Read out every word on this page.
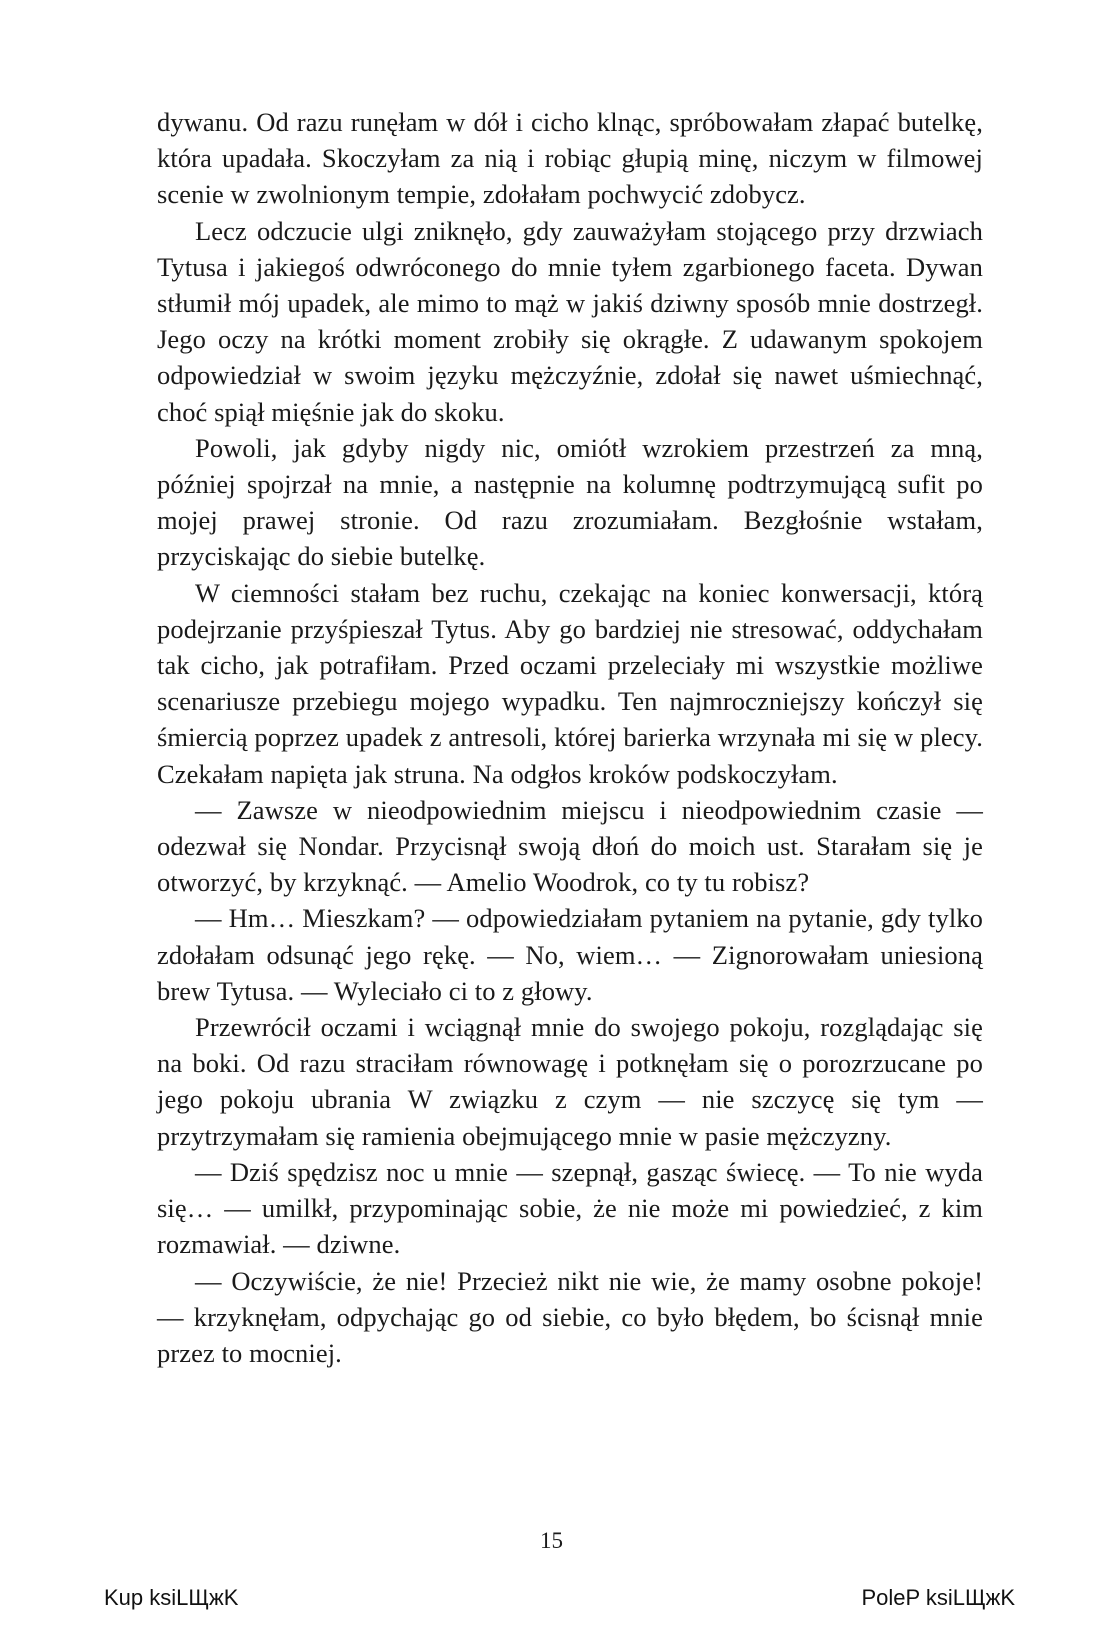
dywanu. Od razu runęłam w dół i cicho klnąc, spróbowałam złapać butelkę, która upadała. Skoczyłam za nią i robiąc głupią minę, niczym w filmowej scenie w zwolnionym tempie, zdołałam pochwycić zdobycz.

Lecz odczucie ulgi zniknęło, gdy zauważyłam stojącego przy drzwiach Tytusa i jakiegoś odwróconego do mnie tyłem zgarbionego faceta. Dywan stłumił mój upadek, ale mimo to mąż w jakiś dziwny sposób mnie dostrzegł. Jego oczy na krótki moment zrobiły się okrągłe. Z udawanym spokojem odpowiedział w swoim języku mężczyźnie, zdołał się nawet uśmiechnąć, choć spiął mięśnie jak do skoku.

Powoli, jak gdyby nigdy nic, omiótł wzrokiem przestrzeń za mną, później spojrzał na mnie, a następnie na kolumnę podtrzymującą sufit po mojej prawej stronie. Od razu zrozumiałam. Bezgłośnie wstałam, przyciskając do siebie butelkę.

W ciemności stałam bez ruchu, czekając na koniec konwersacji, którą podejrzanie przyśpieszał Tytus. Aby go bardziej nie stresować, oddychałam tak cicho, jak potrafiłam. Przed oczami przeleciały mi wszystkie możliwe scenariusze przebiegu mojego wypadku. Ten najmroczniejszy kończył się śmiercią poprzez upadek z antresoli, której barierka wrzynała mi się w plecy. Czekałam napięta jak struna. Na odgłos kroków podskoczyłam.

— Zawsze w nieodpowiednim miejscu i nieodpowiednim czasie — odezwał się Nondar. Przycisnął swoją dłoń do moich ust. Starałam się je otworzyć, by krzyknąć. — Amelio Woodrok, co ty tu robisz?

— Hm… Mieszkam? — odpowiedziałam pytaniem na pytanie, gdy tylko zdołałam odsunąć jego rękę. — No, wiem… — Zignorowałam uniesioną brew Tytusa. — Wyleciało ci to z głowy.

Przewrócił oczami i wciągnął mnie do swojego pokoju, rozglądając się na boki. Od razu straciłam równowagę i potknęłam się o porozrzucane po jego pokoju ubrania W związku z czym — nie szczycę się tym — przytrzymałam się ramienia obejmującego mnie w pasie mężczyzny.

— Dziś spędzisz noc u mnie — szepnął, gasząc świecę. — To nie wyda się… — umilkł, przypominając sobie, że nie może mi powiedzieć, z kim rozmawiał. — dziwne.

— Oczywiście, że nie! Przecież nikt nie wie, że mamy osobne pokoje! — krzyknęłam, odpychając go od siebie, co było błędem, bo ścisnął mnie przez to mocniej.

15
Kup ksiLЩжK	PoleP ksiLЩжK
